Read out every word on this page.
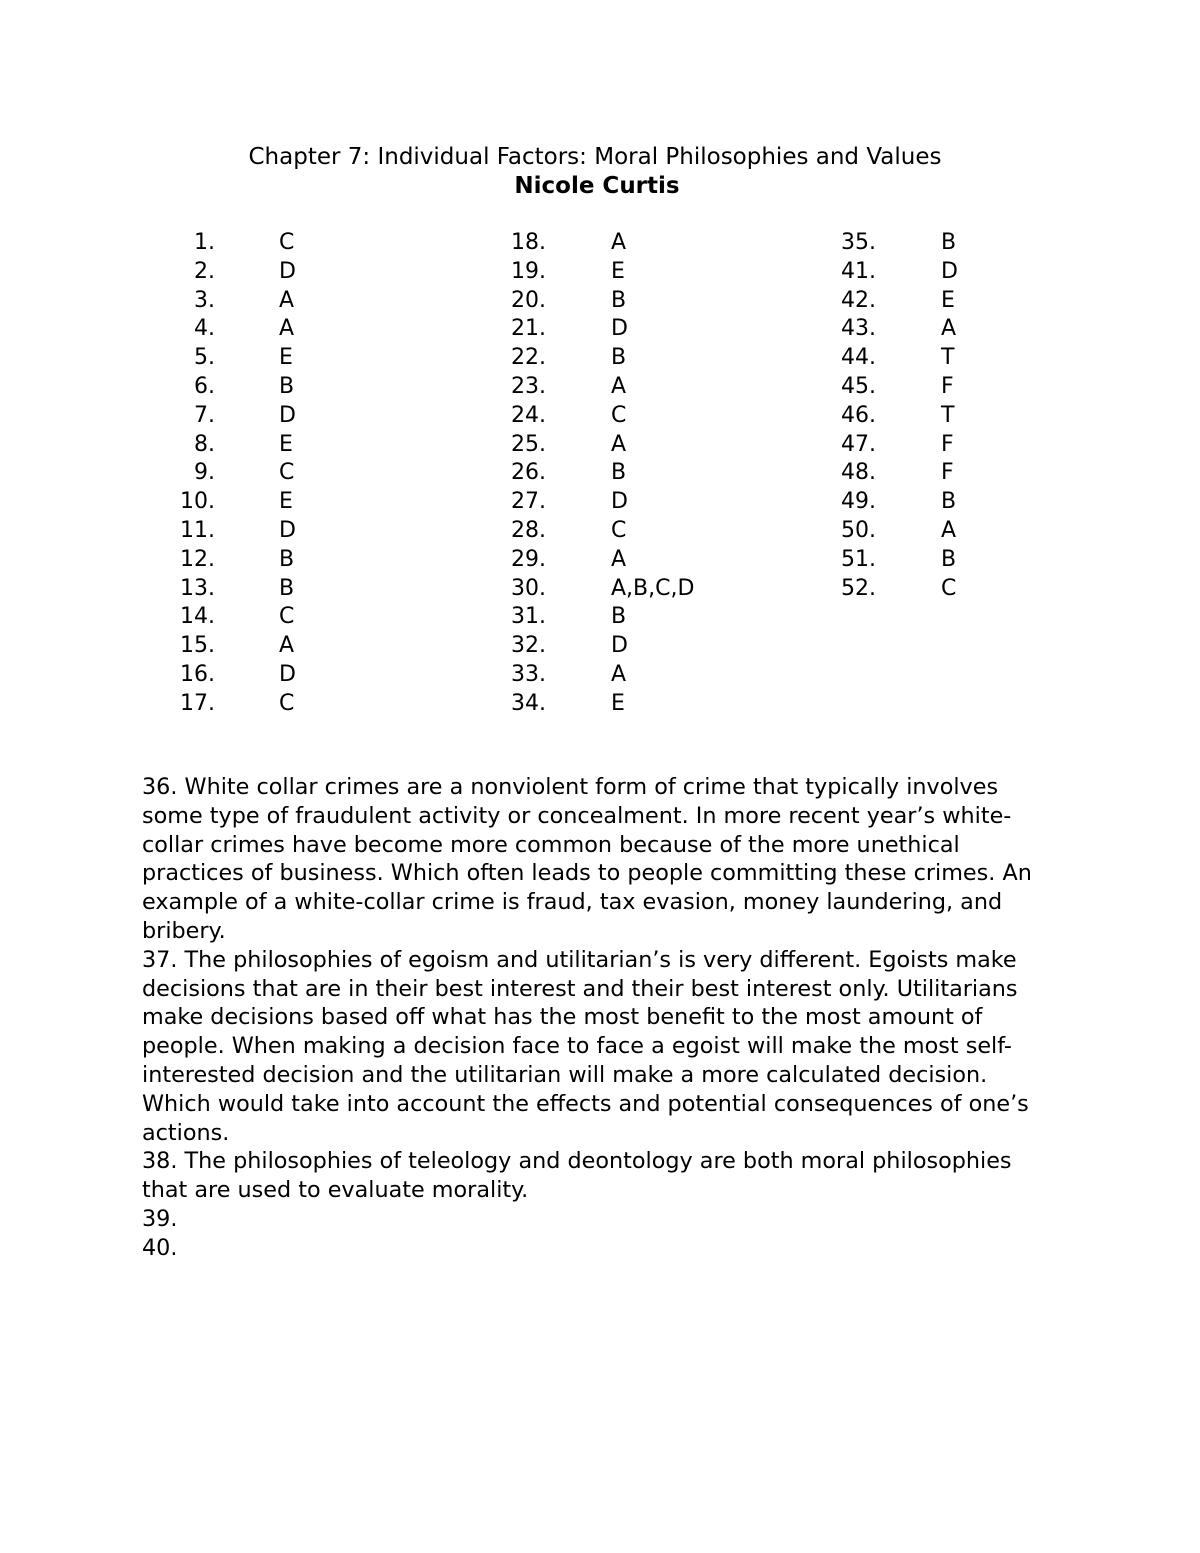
Chapter 7: Individual Factors: Moral Philosophies and Values
Nicole Curtis
1.	C
2.	D
3.	A
4.	A
5.	E
6.	B
7.	D
8.	E
9.	C
10.	E
11.	D
12.	B
13.	B
14.	C
15.	A
16.	D
17.	C
18.	A
19.	E
20.	B
21.	D
22.	B
23.	A
24.	C
25.	A
26.	B
27.	D
28.	C
29.	A
30.	A,B,C,D
31.	B
32.	D
33.	A
34.	E
35.	B
41.	D
42.	E
43.	A
44.	T
45.	F
46.	T
47.	F
48.	F
49.	B
50.	A
51.	B
52.	C

36. White collar crimes are a nonviolent form of crime that typically involves some type of fraudulent activity or concealment. In more recent year’s white-collar crimes have become more common because of the more unethical practices of business. Which often leads to people committing these crimes. An example of a white-collar crime is fraud, tax evasion, money laundering, and bribery.

37. The philosophies of egoism and utilitarian’s is very different. Egoists make decisions that are in their best interest and their best interest only. Utilitarians make decisions based off what has the most benefit to the most amount of people. When making a decision face to face a egoist will make the most self-interested decision and the utilitarian will make a more calculated decision. Which would take into account the effects and potential consequences of one’s actions.

38. The philosophies of teleology and deontology are both moral philosophies that are used to evaluate morality.

39.

40.
